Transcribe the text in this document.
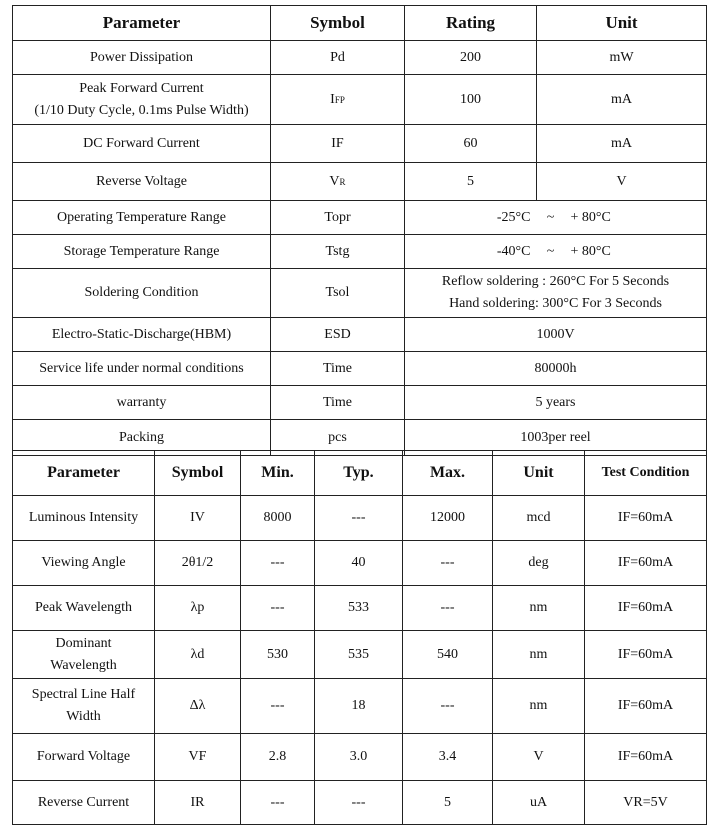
Parameter	Symbol	Rating	Unit
Power Dissipation	Pd	200	mW

Peak Forward Current
(1/10 Duty Cycle, 0.1ms Pulse Width)	IFP	100	mA
DC Forward Current	IF	60	mA
Reverse Voltage	VR	5	V
Operating Temperature Range	Topr	-25°C ~ + 80°C	
Storage Temperature Range	Tstg	-40°C ~ + 80°C	
Soldering Condition	Tsol	Reflow soldering : 260°C For 5 Seconds
Hand soldering: 300°C For 3 Seconds	

Electro-Static-Discharge(HBM)	ESD	1000V	
Service life under normal conditions	Time	80000h	
warranty	Time	5 years	
Packing	pcs	1003per reel	
Parameter	Symbol	Min.	Typ.	Max.	Unit	Test Condition

Luminous Intensity	IV	8000	---	12000	mcd	IF=60mA

Viewing Angle	2θ1/2	---	40	---	deg	IF=60mA

Peak Wavelength	λp	---	533	---	nm	IF=60mA

Dominant
Wavelength	λd	530	535	540	nm	IF=60mA

Spectral Line Half
Width	Δλ	---	18	---	nm	IF=60mA

Forward Voltage	VF	2.8	3.0	3.4	V	IF=60mA

Reverse Current	IR	---	---	5	uA	VR=5V
